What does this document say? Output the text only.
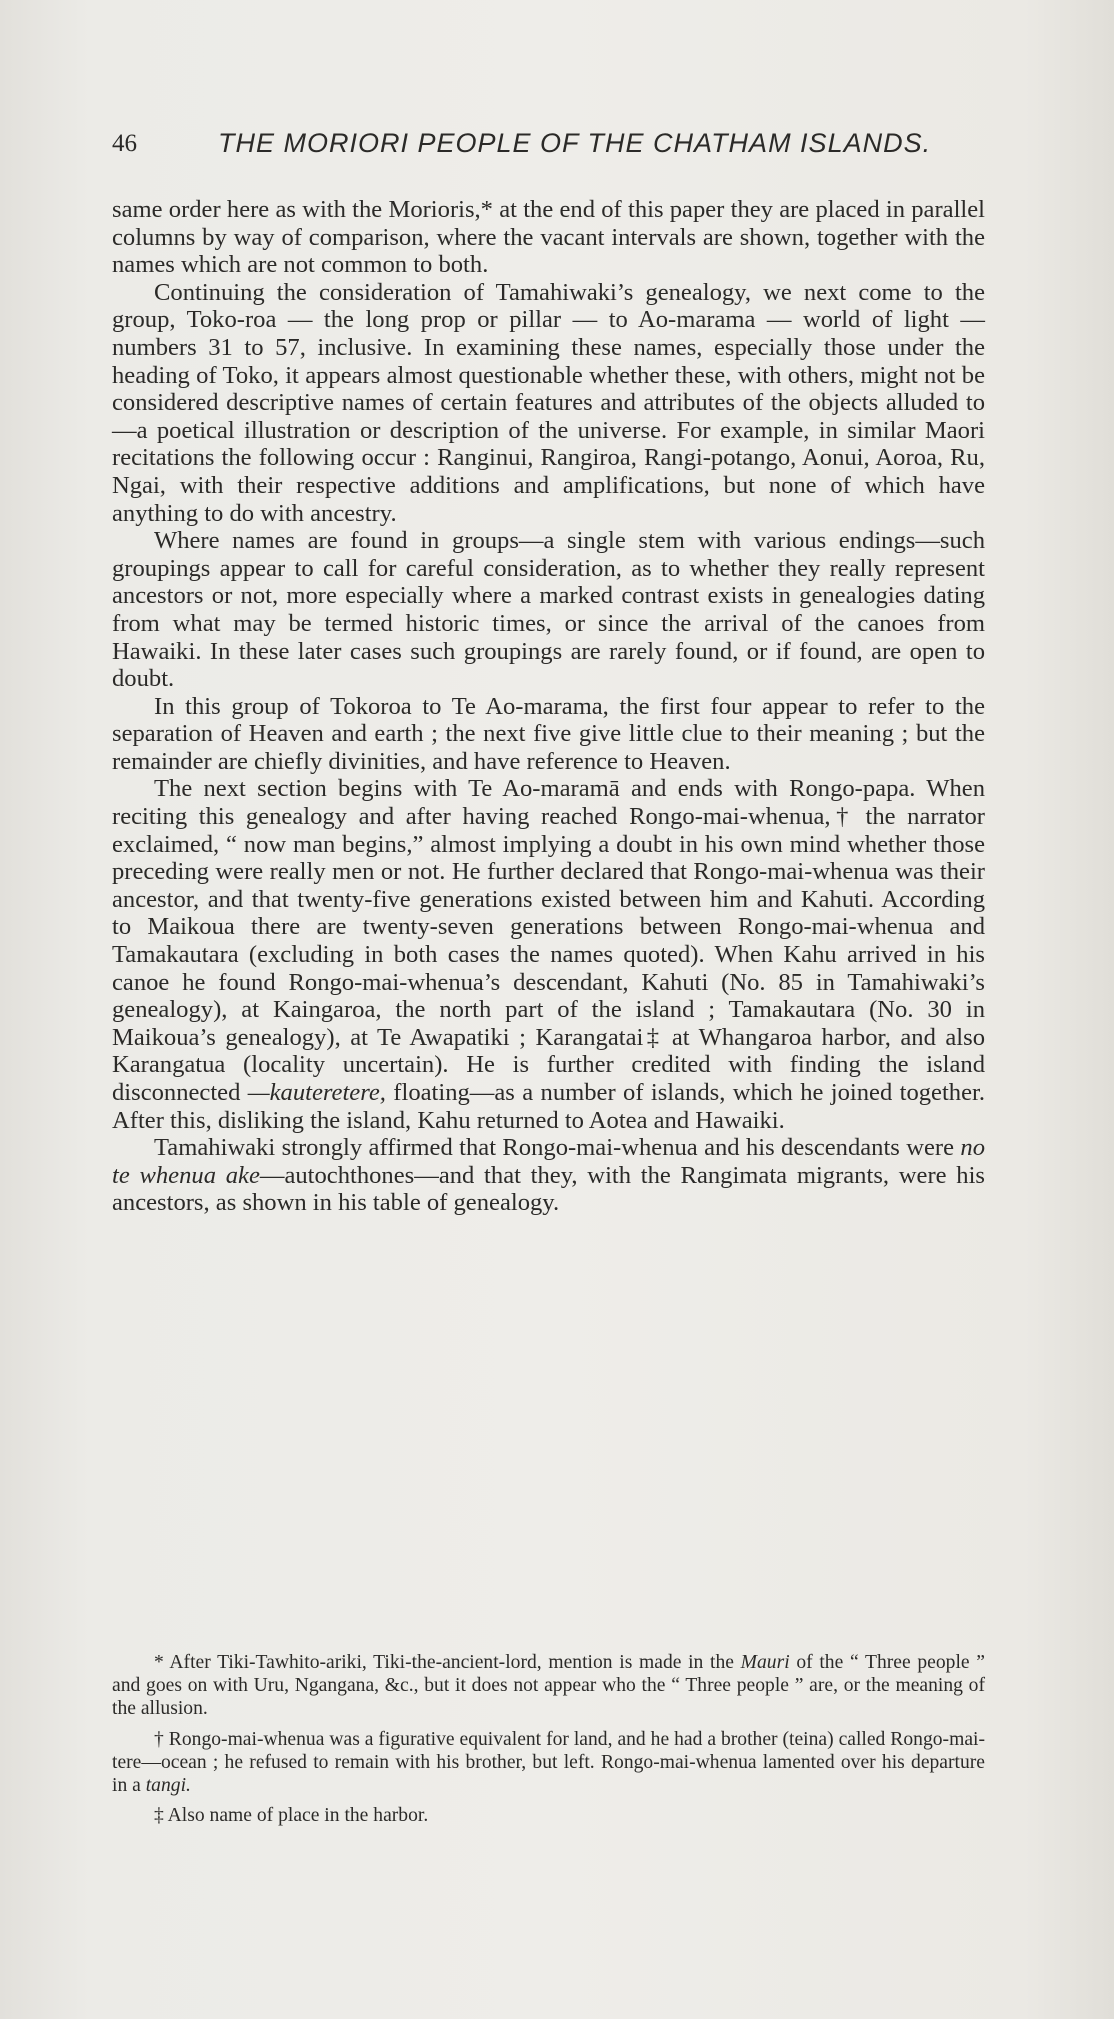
46	THE MORIORI PEOPLE OF THE CHATHAM ISLANDS.

same order here as with the Morioris,* at the end of this paper they are placed in parallel columns by way of comparison, where the vacant intervals are shown, together with the names which are not common to both.

Continuing the consideration of Tamahiwaki’s genealogy, we next come to the group, Toko-roa — the long prop or pillar — to Ao-marama — world of light — numbers 31 to 57, inclusive. In examining these names, especially those under the heading of Toko, it appears almost questionable whether these, with others, might not be considered descriptive names of certain features and attributes of the objects alluded to—a poetical illustration or description of the universe. For example, in similar Maori recitations the following occur : Ranginui, Rangiroa, Rangi-potango, Aonui, Aoroa, Ru, Ngai, with their respective additions and amplifications, but none of which have anything to do with ancestry.

Where names are found in groups—a single stem with various endings—such groupings appear to call for careful consideration, as to whether they really represent ancestors or not, more especially where a marked contrast exists in genealogies dating from what may be termed historic times, or since the arrival of the canoes from Hawaiki. In these later cases such groupings are rarely found, or if found, are open to doubt.

In this group of Tokoroa to Te Ao-marama, the first four appear to refer to the separation of Heaven and earth ; the next five give little clue to their meaning ; but the remainder are chiefly divinities, and have reference to Heaven.

The next section begins with Te Ao-maramā and ends with Rongo-papa. When reciting this genealogy and after having reached Rongo-mai-whenua,† the narrator exclaimed, “ now man begins,” almost implying a doubt in his own mind whether those preceding were really men or not. He further declared that Rongo-mai-whenua was their ancestor, and that twenty-five generations existed between him and Kahuti. According to Maikoua there are twenty-seven generations between Rongo-mai-whenua and Tamakautara (excluding in both cases the names quoted). When Kahu arrived in his canoe he found Rongo-mai-whenua’s descendant, Kahuti (No. 85 in Tamahiwaki’s genealogy), at Kaingaroa, the north part of the island ; Tamakautara (No. 30 in Maikoua’s genealogy), at Te Awapatiki ; Karangatai‡ at Whangaroa harbor, and also Karangatua (locality uncertain). He is further credited with finding the island disconnected —kauteretere, floating—as a number of islands, which he joined together. After this, disliking the island, Kahu returned to Aotea and Hawaiki.

Tamahiwaki strongly affirmed that Rongo-mai-whenua and his descendants were no te whenua ake—autochthones—and that they, with the Rangimata migrants, were his ancestors, as shown in his table of genealogy.

* After Tiki-Tawhito-ariki, Tiki-the-ancient-lord, mention is made in the Mauri of the “ Three people ” and goes on with Uru, Ngangana, &c., but it does not appear who the “ Three people ” are, or the meaning of the allusion.

† Rongo-mai-whenua was a figurative equivalent for land, and he had a brother (teina) called Rongo-mai-tere—ocean ; he refused to remain with his brother, but left. Rongo-mai-whenua lamented over his departure in a tangi.

‡ Also name of place in the harbor.
